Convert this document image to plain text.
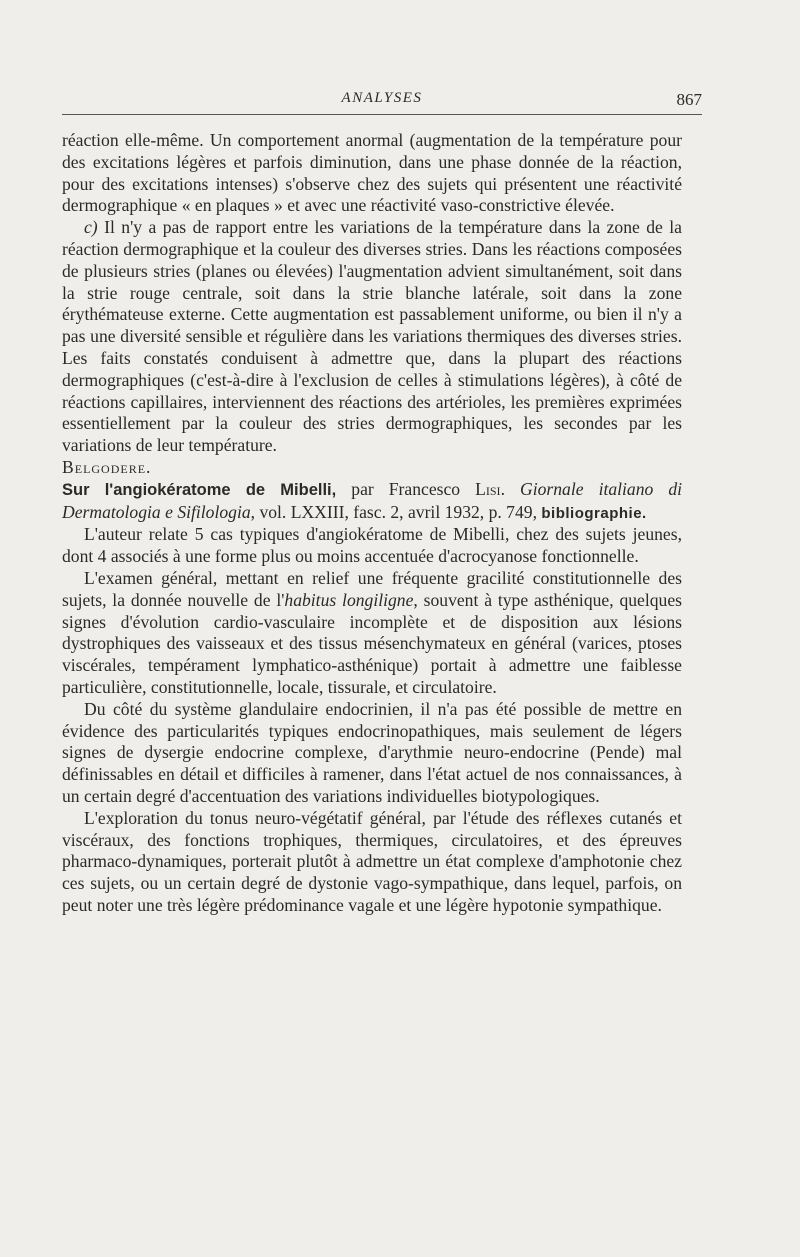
ANALYSES	867

réaction elle-même. Un comportement anormal (augmentation de la température pour des excitations légères et parfois diminution, dans une phase donnée de la réaction, pour des excitations intenses) s'observe chez des sujets qui présentent une réactivité dermographique « en plaques » et avec une réactivité vaso-constrictive élevée.

c) Il n'y a pas de rapport entre les variations de la température dans la zone de la réaction dermographique et la couleur des diverses stries. Dans les réactions composées de plusieurs stries (planes ou élevées) l'augmentation advient simultanément, soit dans la strie rouge centrale, soit dans la strie blanche latérale, soit dans la zone érythémateuse externe. Cette augmentation est passablement uniforme, ou bien il n'y a pas une diversité sensible et régulière dans les variations thermiques des diverses stries. Les faits constatés conduisent à admettre que, dans la plupart des réactions dermographiques (c'est-à-dire à l'exclusion de celles à stimulations légères), à côté de réactions capillaires, interviennent des réactions des artérioles, les premières exprimées essentiellement par la couleur des stries dermographiques, les secondes par les variations de leur température.

Belgodere.

Sur l'angiokératome de Mibelli, par Francesco Lisi. Giornale italiano di Dermatologia e Sifilologia, vol. LXXIII, fasc. 2, avril 1932, p. 749, bibliographie.

L'auteur relate 5 cas typiques d'angiokératome de Mibelli, chez des sujets jeunes, dont 4 associés à une forme plus ou moins accentuée d'acrocyanose fonctionnelle.

L'examen général, mettant en relief une fréquente gracilité constitutionnelle des sujets, la donnée nouvelle de l'habitus longiligne, souvent à type asthénique, quelques signes d'évolution cardio-vasculaire incomplète et de disposition aux lésions dystrophiques des vaisseaux et des tissus mésenchymateux en général (varices, ptoses viscérales, tempérament lymphatico-asthénique) portait à admettre une faiblesse particulière, constitutionnelle, locale, tissurale, et circulatoire.

Du côté du système glandulaire endocrinien, il n'a pas été possible de mettre en évidence des particularités typiques endocrinopathiques, mais seulement de légers signes de dysergie endocrine complexe, d'arythmie neuro-endocrine (Pende) mal définissables en détail et difficiles à ramener, dans l'état actuel de nos connaissances, à un certain degré d'accentuation des variations individuelles biotypologiques.

L'exploration du tonus neuro-végétatif général, par l'étude des réflexes cutanés et viscéraux, des fonctions trophiques, thermiques, circulatoires, et des épreuves pharmaco-dynamiques, porterait plutôt à admettre un état complexe d'amphotonie chez ces sujets, ou un certain degré de dystonie vago-sympathique, dans lequel, parfois, on peut noter une très légère prédominance vagale et une légère hypotonie sympathique.
